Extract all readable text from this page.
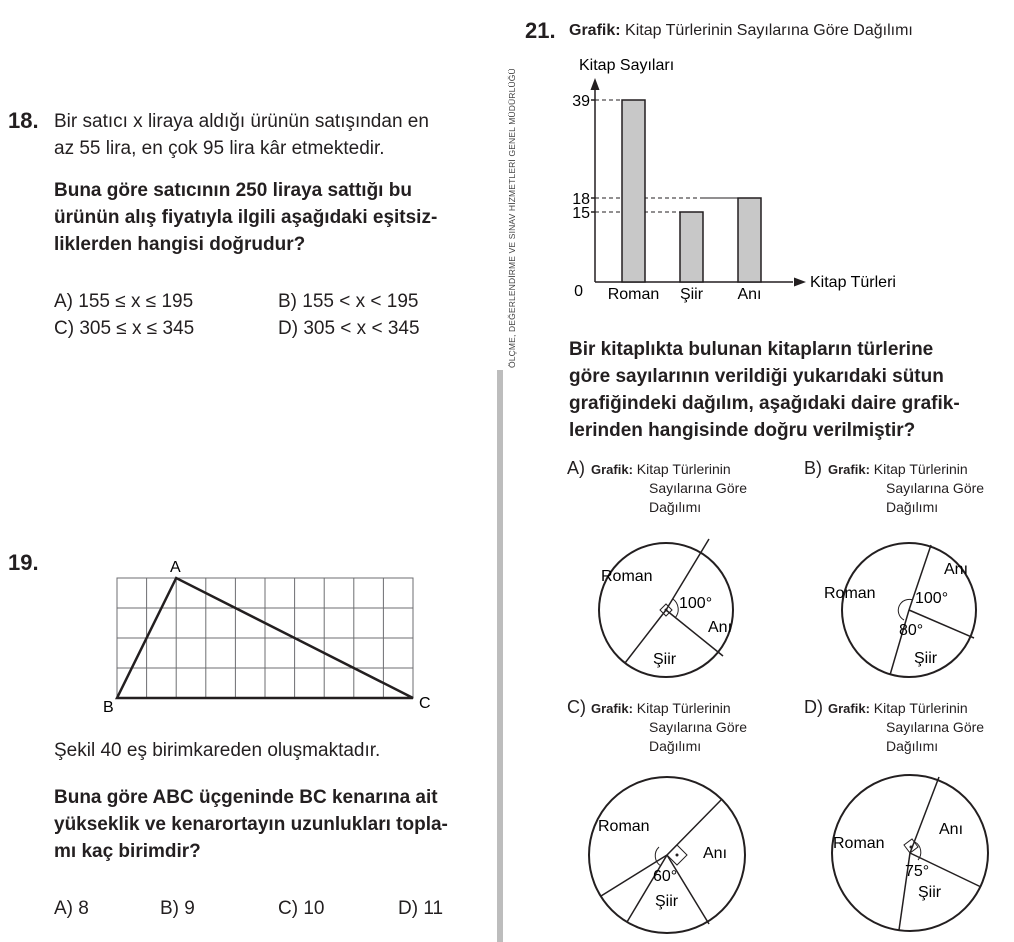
ÖLÇME, DEĞERLENDİRME VE SINAV HİZMETLERİ GENEL MÜDÜRLÜĞÜ
18. Bir satıcı x liraya aldığı ürünün satışından en
az 55 lira, en çok 95 lira kâr etmektedir.
Buna göre satıcının 250 liraya sattığı bu
ürünün alış fiyatıyla ilgili aşağıdaki eşitsiz-
liklerden hangisi doğrudur?
A) 155 ≤ x ≤ 195	B) 155 < x < 195
C) 305 ≤ x ≤ 345	D) 305 < x < 345
19.	A
B	C
Şekil 40 eş birimkareden oluşmaktadır.
Buna göre ABC üçgeninde BC kenarına ait
yükseklik ve kenarortayın uzunlukları topla-
mı kaç birimdir?
A) 8	B) 9	C) 10	D) 11
21. Grafik: Kitap Türlerinin Sayılarına Göre Dağılımı
Kitap Sayıları
Kitap Türleri
0
15
18
39
Roman Şiir Anı
Bir kitaplıkta bulunan kitapların türlerine
göre sayılarının verildiği yukarıdaki sütun
grafiğindeki dağılım, aşağıdaki daire grafik-
lerinden hangisinde doğru verilmiştir?
A) Grafik: Kitap Türlerinin
Sayılarına Göre
Dağılımı
Roman
100°
Anı
Şiir
B) Grafik: Kitap Türlerinin
Sayılarına Göre
Dağılımı
Roman
Anı
100°
80°
Şiir
C) Grafik: Kitap Türlerinin
Sayılarına Göre
Dağılımı
Roman
Anı
60°
Şiir
D) Grafik: Kitap Türlerinin
Sayılarına Göre
Dağılımı
Roman
Anı
75°
Şiir
